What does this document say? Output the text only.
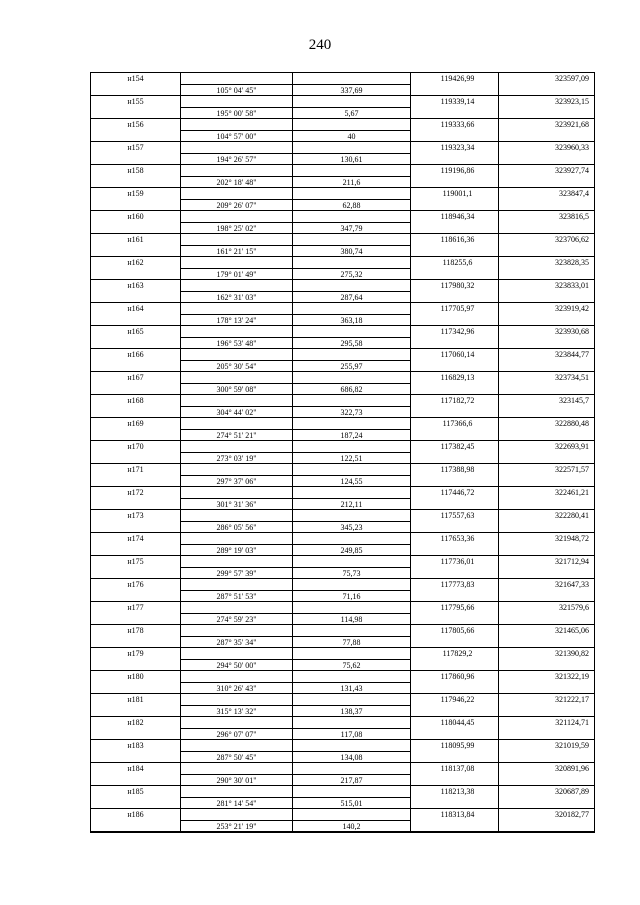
240
н154	119426,99	323597,09
105° 04' 45"	337,69
н155	119339,14	323923,15
195° 00' 58"	5,67
н156	119333,66	323921,68
104° 57' 00"	40
н157	119323,34	323960,33
194° 26' 57"	130,61
н158	119196,86	323927,74
202° 18' 48"	211,6
н159	119001,1	323847,4
209° 26' 07"	62,88
н160	118946,34	323816,5
198° 25' 02"	347,79
н161	118616,36	323706,62
161° 21' 15"	380,74
н162	118255,6	323828,35
179° 01' 49"	275,32
н163	117980,32	323833,01
162° 31' 03"	287,64
н164	117705,97	323919,42
178° 13' 24"	363,18
н165	117342,96	323930,68
196° 53' 48"	295,58
н166	117060,14	323844,77
205° 30' 54"	255,97
н167	116829,13	323734,51
300° 59' 08"	686,82
н168	117182,72	323145,7
304° 44' 02"	322,73
н169	117366,6	322880,48
274° 51' 21"	187,24
н170	117382,45	322693,91
273° 03' 19"	122,51
н171	117388,98	322571,57
297° 37' 06"	124,55
н172	117446,72	322461,21
301° 31' 36"	212,11
н173	117557,63	322280,41
286° 05' 56"	345,23
н174	117653,36	321948,72
289° 19' 03"	249,85
н175	117736,01	321712,94
299° 57' 39"	75,73
н176	117773,83	321647,33
287° 51' 53"	71,16
н177	117795,66	321579,6
274° 59' 23"	114,98
н178	117805,66	321465,06
287° 35' 34"	77,88
н179	117829,2	321390,82
294° 50' 00"	75,62
н180	117860,96	321322,19
310° 26' 43"	131,43
н181	117946,22	321222,17
315° 13' 32"	138,37
н182	118044,45	321124,71
296° 07' 07"	117,08
н183	118095,99	321019,59
287° 50' 45"	134,08
н184	118137,08	320891,96
290° 30' 01"	217,87
н185	118213,38	320687,89
281° 14' 54"	515,01
н186	118313,84	320182,77
253° 21' 19"	140,2
